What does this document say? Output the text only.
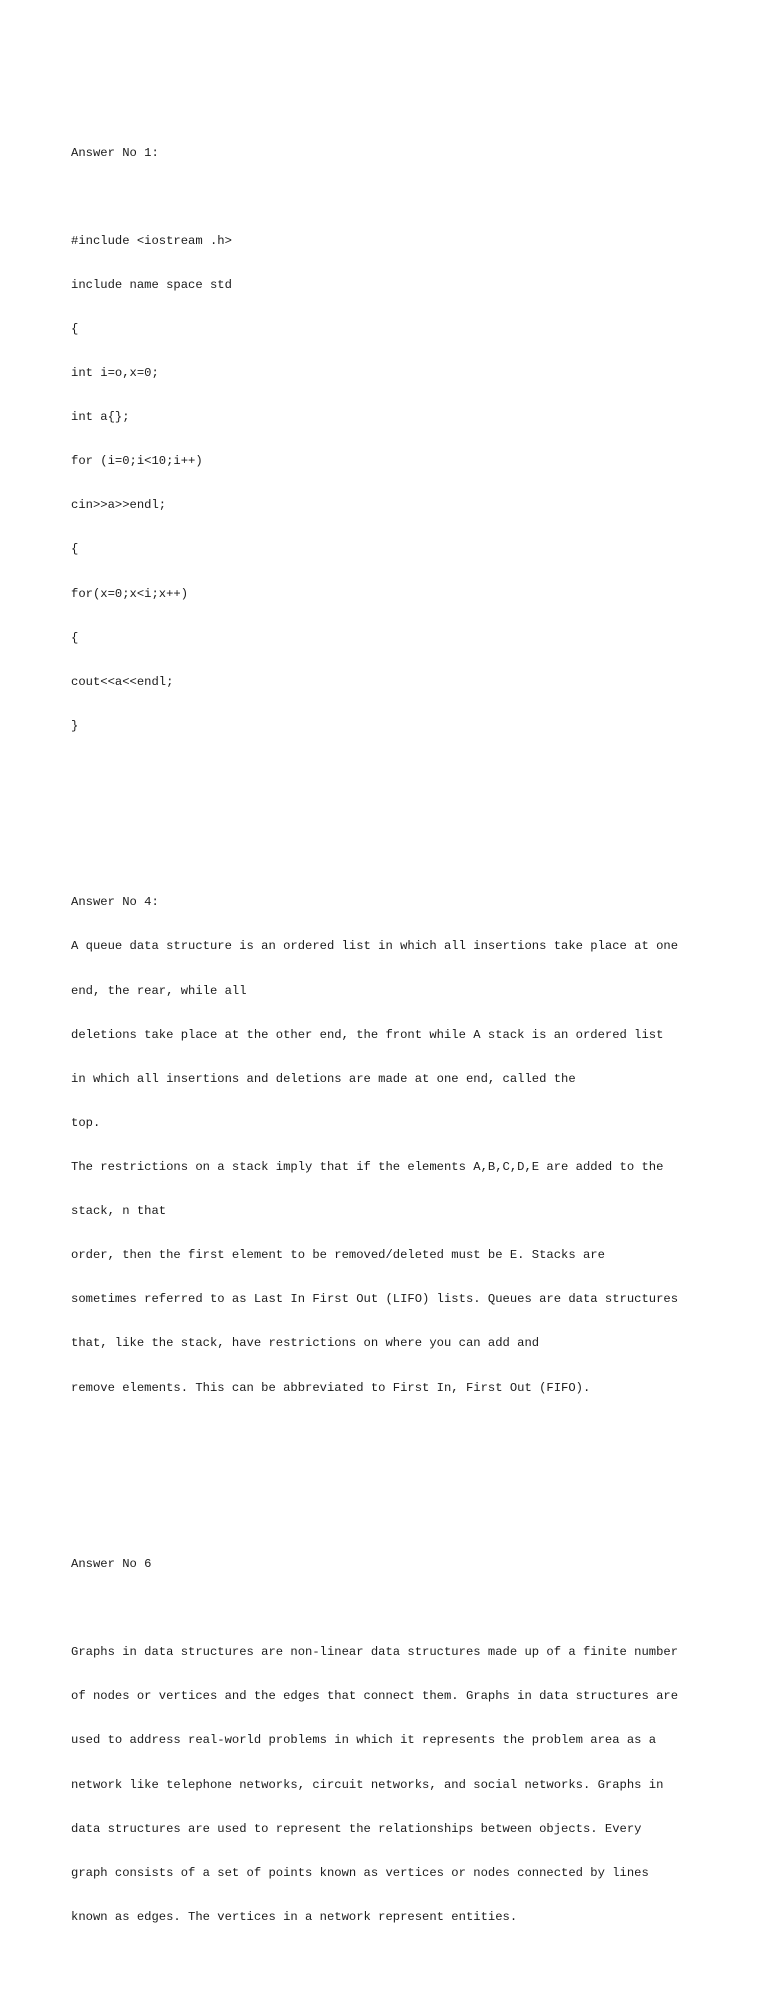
Answer No 1:

#include <iostream .h>

include name space std

{

int i=o,x=0;

int a{};

for (i=0;i<10;i++)

cin>>a>>endl;

{

for(x=0;x<i;x++)

{

cout<<a<<endl;

}

Answer No 4:

A queue data structure is an ordered list in which all insertions take place at one

end, the rear, while all

deletions take place at the other end, the front while A stack is an ordered list

in which all insertions and deletions are made at one end, called the

top.

The restrictions on a stack imply that if the elements A,B,C,D,E are added to the

stack, n that

order, then the first element to be removed/deleted must be E. Stacks are

sometimes referred to as Last In First Out (LIFO) lists. Queues are data structures

that, like the stack, have restrictions on where you can add and

remove elements. This can be abbreviated to First In, First Out (FIFO).

Answer No 6

Graphs in data structures are non-linear data structures made up of a finite number

of nodes or vertices and the edges that connect them. Graphs in data structures are

used to address real-world problems in which it represents the problem area as a

network like telephone networks, circuit networks, and social networks. Graphs in

data structures are used to represent the relationships between objects. Every

graph consists of a set of points known as vertices or nodes connected by lines

known as edges. The vertices in a network represent entities.
